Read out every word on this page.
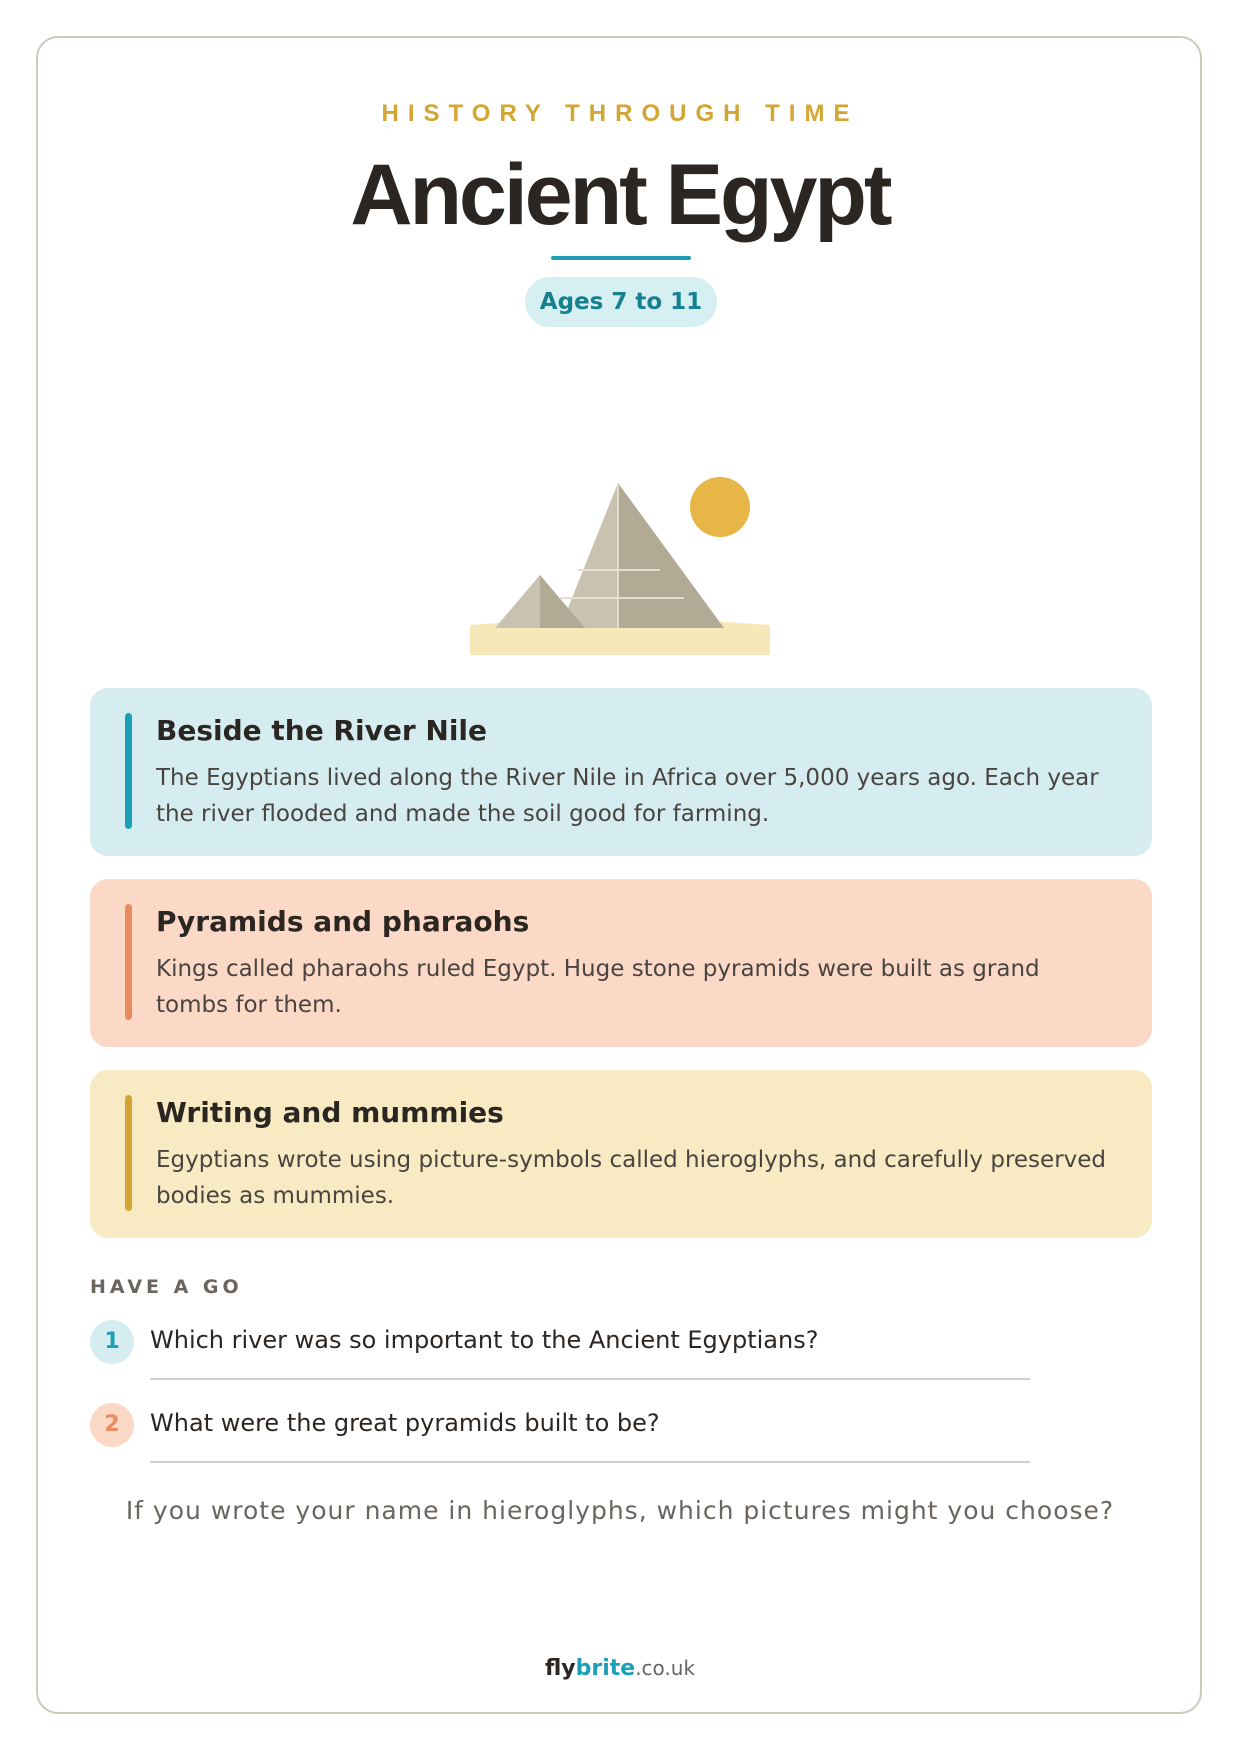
HISTORY THROUGH TIME
Ancient Egypt
Ages 7 to 11
Beside the River Nile

The Egyptians lived along the River Nile in Africa over 5,000 years ago. Each year the river flooded and made the soil good for farming.

Pyramids and pharaohs

Kings called pharaohs ruled Egypt. Huge stone pyramids were built as grand tombs for them.

Writing and mummies

Egyptians wrote using picture-symbols called hieroglyphs, and carefully preserved bodies as mummies.

HAVE A GO
1	Which river was so important to the Ancient Egyptians?
2	What were the great pyramids built to be?
If you wrote your name in hieroglyphs, which pictures might you choose?
flybrite.co.uk
